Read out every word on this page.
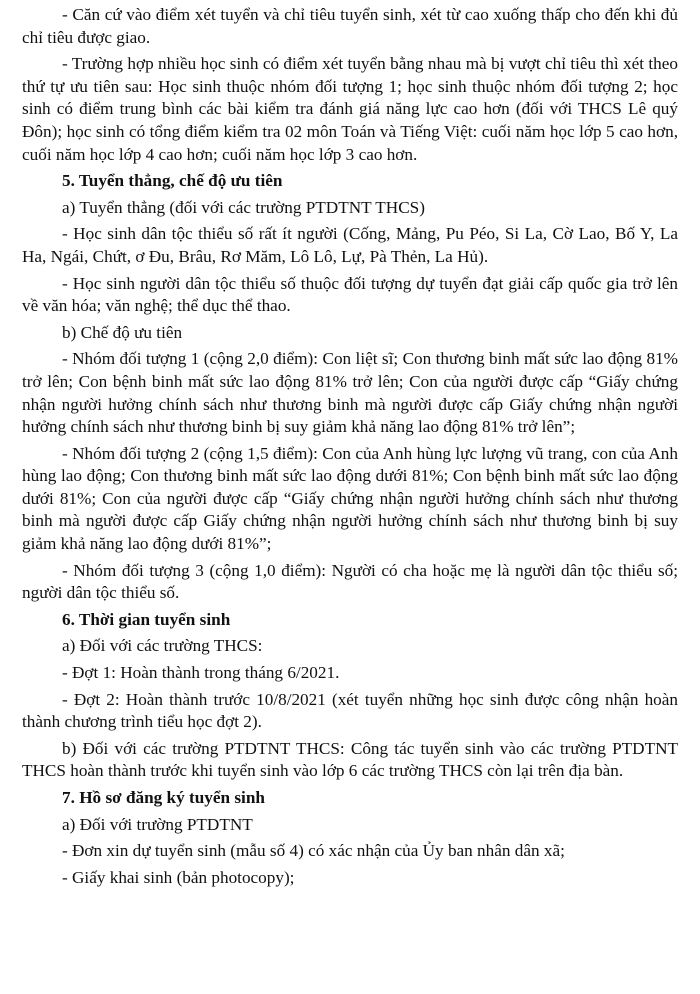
- Căn cứ vào điểm xét tuyển và chỉ tiêu tuyển sinh, xét từ cao xuống thấp cho đến khi đủ chỉ tiêu được giao.

- Trường hợp nhiều học sinh có điểm xét tuyển bằng nhau mà bị vượt chỉ tiêu thì xét theo thứ tự ưu tiên sau: Học sinh thuộc nhóm đối tượng 1; học sinh thuộc nhóm đối tượng 2; học sinh có điểm trung bình các bài kiểm tra đánh giá năng lực cao hơn (đối với THCS Lê quý Đôn); học sinh có tổng điểm kiểm tra 02 môn Toán và Tiếng Việt: cuối năm học lớp 5 cao hơn, cuối năm học lớp 4 cao hơn; cuối năm học lớp 3 cao hơn.

5. Tuyển thẳng, chế độ ưu tiên

a) Tuyển thẳng (đối với các trường PTDTNT THCS)

- Học sinh dân tộc thiểu số rất ít người (Cống, Mảng, Pu Péo, Si La, Cờ Lao, Bố Y, La Ha, Ngái, Chứt, ơ Đu, Brâu, Rơ Măm, Lô Lô, Lự, Pà Thẻn, La Hủ).

- Học sinh người dân tộc thiểu số thuộc đối tượng dự tuyển đạt giải cấp quốc gia trở lên về văn hóa; văn nghệ; thể dục thể thao.

b) Chế độ ưu tiên

- Nhóm đối tượng 1 (cộng 2,0 điểm): Con liệt sĩ; Con thương binh mất sức lao động 81% trở lên; Con bệnh binh mất sức lao động 81% trở lên; Con của người được cấp “Giấy chứng nhận người hưởng chính sách như thương binh mà người được cấp Giấy chứng nhận người hưởng chính sách như thương binh bị suy giảm khả năng lao động 81% trở lên”;

- Nhóm đối tượng 2 (cộng 1,5 điểm): Con của Anh hùng lực lượng vũ trang, con của Anh hùng lao động; Con thương binh mất sức lao động dưới 81%; Con bệnh binh mất sức lao động dưới 81%; Con của người được cấp “Giấy chứng nhận người hưởng chính sách như thương binh mà người được cấp Giấy chứng nhận người hưởng chính sách như thương binh bị suy giảm khả năng lao động dưới 81%”;

- Nhóm đối tượng 3 (cộng 1,0 điểm): Người có cha hoặc mẹ là người dân tộc thiểu số; người dân tộc thiểu số.

6. Thời gian tuyển sinh

a) Đối với các trường THCS:

- Đợt 1: Hoàn thành trong tháng 6/2021.

- Đợt 2: Hoàn thành trước 10/8/2021 (xét tuyển những học sinh được công nhận hoàn thành chương trình tiểu học đợt 2).

b) Đối với các trường PTDTNT THCS: Công tác tuyển sinh vào các trường PTDTNT THCS hoàn thành trước khi tuyển sinh vào lớp 6 các trường THCS còn lại trên địa bàn.

7. Hồ sơ đăng ký tuyển sinh

a) Đối với trường PTDTNT

- Đơn xin dự tuyển sinh (mẫu số 4) có xác nhận của Ủy ban nhân dân xã;

- Giấy khai sinh (bản photocopy);
